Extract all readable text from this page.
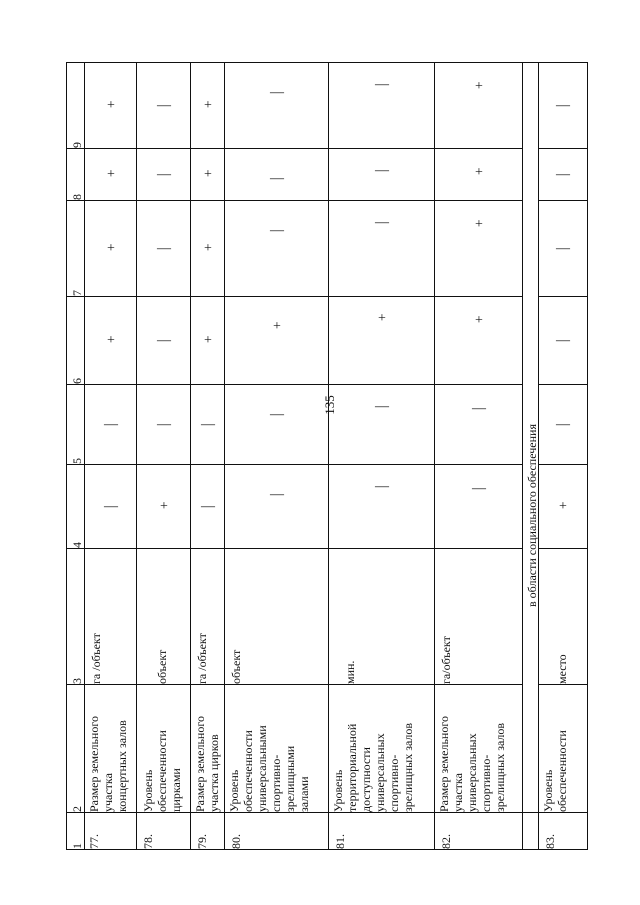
135
9
8
7
6
5
4
3
2
1
+
+
+
+
—
—
га /объект
Размер земельного
участка
концертных залов
77.
—
—
—
—
—
+
объект
Уровень
обеспеченности
цирками
78.
+
+
+
+
—
—
га /объект
Размер земельного
участка цирков
79.
—
—
—
+
—
—
объект
Уровень
обеспеченности
универсальными
спортивно-
зрелищными
залами
80.
—
—
—
+
—
—
мин.
Уровень
территориальной
доступности
универсальных
спортивно-
зрелищных залов
81.
+
+
+
+
—
—
га/объект
Размер земельного
участка
универсальных
спортивно-
зрелищных залов
82.
в области социального обеспечения
—
—
—
—
—
+
место
Уровень
обеспеченности
83.
